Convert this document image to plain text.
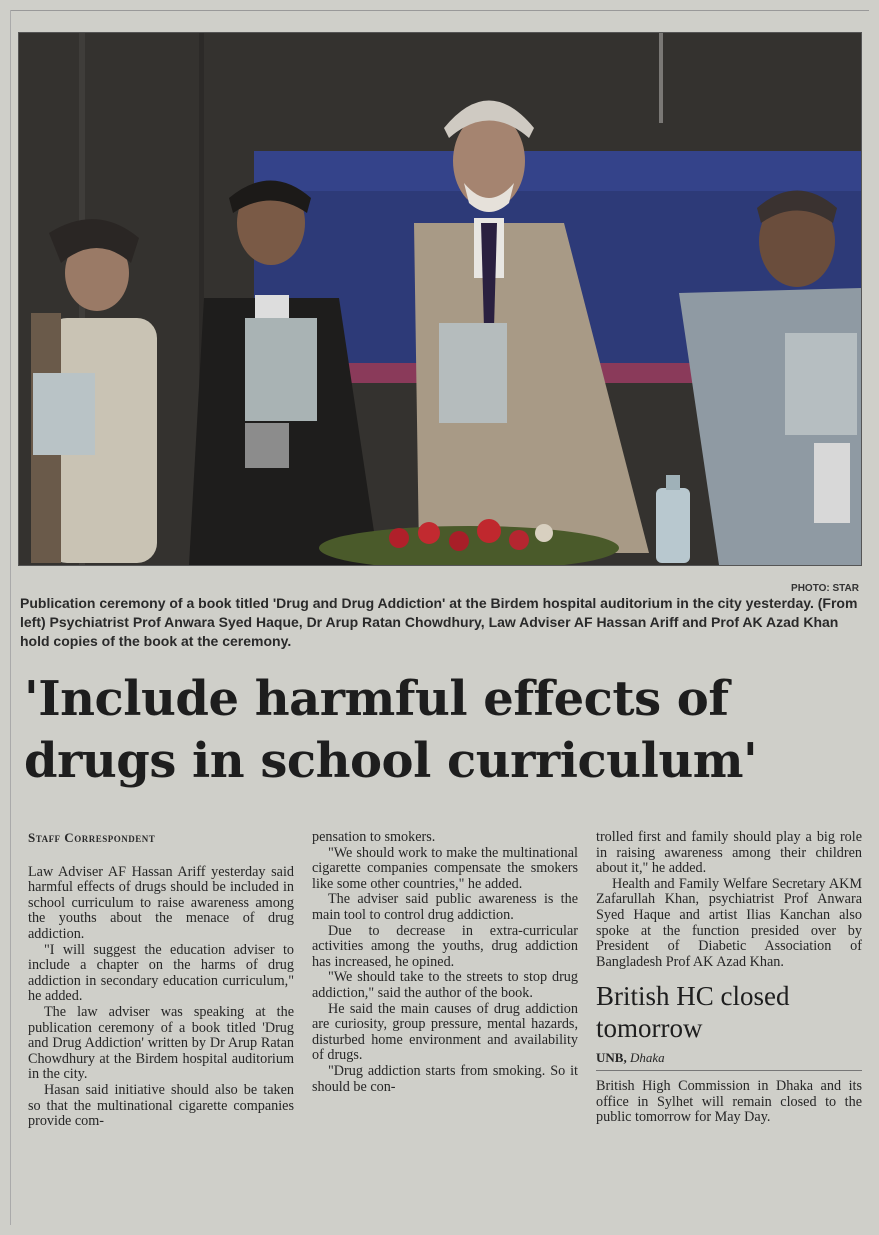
PHOTO: STAR
Publication ceremony of a book titled 'Drug and Drug Addiction' at the Birdem hospital auditorium in the city yesterday. (From left) Psychiatrist Prof Anwara Syed Haque, Dr Arup Ratan Chowdhury, Law Adviser AF Hassan Ariff and Prof AK Azad Khan hold copies of the book at the ceremony.
'Include harmful effects of drugs in school curriculum'
Staff Correspondent

Law Adviser AF Hassan Ariff yesterday said harmful effects of drugs should be included in school curriculum to raise awareness among the youths about the menace of drug addiction.

"I will suggest the education adviser to include a chapter on the harms of drug addiction in secondary education curriculum," he added.

The law adviser was speaking at the publication ceremony of a book titled 'Drug and Drug Addiction' written by Dr Arup Ratan Chowdhury at the Birdem hospital auditorium in the city.

Hasan said initiative should also be taken so that the multinational cigarette companies provide com-

pensation to smokers.

"We should work to make the multinational cigarette companies compensate the smokers like some other countries," he added.

The adviser said public awareness is the main tool to control drug addiction.

Due to decrease in extra-curricular activities among the youths, drug addiction has increased, he opined.

"We should take to the streets to stop drug addiction," said the author of the book.

He said the main causes of drug addiction are curiosity, group pressure, mental hazards, disturbed home environment and availability of drugs.

"Drug addiction starts from smoking. So it should be con-

trolled first and family should play a big role in raising awareness among their children about it," he added.

Health and Family Welfare Secretary AKM Zafarullah Khan, psychiatrist Prof Anwara Syed Haque and artist Ilias Kanchan also spoke at the function presided over by President of Diabetic Association of Bangladesh Prof AK Azad Khan.

British HC closed tomorrow
UNB, Dhaka

British High Commission in Dhaka and its office in Sylhet will remain closed to the public tomorrow for May Day.
